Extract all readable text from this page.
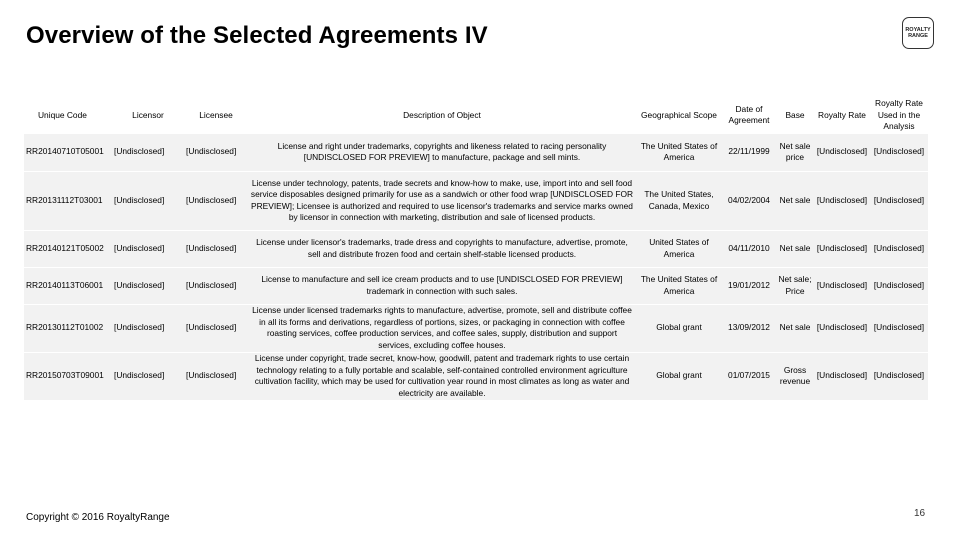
Overview of the Selected Agreements IV	ROYALTY
RANGE
Unique Code	Licensor	Licensee	Description of Object	Geographical Scope	Date of Agreement	Base	Royalty Rate	Royalty Rate Used in the Analysis
RR20140710T05001	[Undisclosed]	[Undisclosed]	License and right under trademarks, copyrights and likeness related to racing personality [UNDISCLOSED FOR PREVIEW] to manufacture, package and sell mints.	The United States of America	22/11/1999	Net sale price	[Undisclosed]	[Undisclosed]
RR20131112T03001	[Undisclosed]	[Undisclosed]	License under technology, patents, trade secrets and know-how to make, use, import into and sell food service disposables designed primarily for use as a sandwich or other food wrap [UNDISCLOSED FOR PREVIEW]; Licensee is authorized and required to use licensor's trademarks and service marks owned by licensor in connection with marketing, distribution and sale of licensed products.	The United States, Canada, Mexico	04/02/2004	Net sale	[Undisclosed]	[Undisclosed]
RR20140121T05002	[Undisclosed]	[Undisclosed]	License under licensor's trademarks, trade dress and copyrights to manufacture, advertise, promote, sell and distribute frozen food and certain shelf-stable licensed products.	United States of America	04/11/2010	Net sale	[Undisclosed]	[Undisclosed]
RR20140113T06001	[Undisclosed]	[Undisclosed]	License to manufacture and sell ice cream products and to use [UNDISCLOSED FOR PREVIEW] trademark in connection with such sales.	The United States of America	19/01/2012	Net sale; Price	[Undisclosed]	[Undisclosed]
RR20130112T01002	[Undisclosed]	[Undisclosed]	License under licensed trademarks rights to manufacture, advertise, promote, sell and distribute coffee in all its forms and derivations, regardless of portions, sizes, or packaging in connection with coffee roasting services, coffee production services, and coffee sales, supply, distribution and support services, excluding coffee houses.	Global grant	13/09/2012	Net sale	[Undisclosed]	[Undisclosed]
RR20150703T09001	[Undisclosed]	[Undisclosed]	License under copyright, trade secret, know-how, goodwill, patent and trademark rights to use certain technology relating to a fully portable and scalable, self-contained controlled environment agriculture cultivation facility, which may be used for cultivation year round in most climates as long as water and electricity are available.	Global grant	01/07/2015	Gross revenue	[Undisclosed]	[Undisclosed]
Copyright © 2016 RoyaltyRange	16
